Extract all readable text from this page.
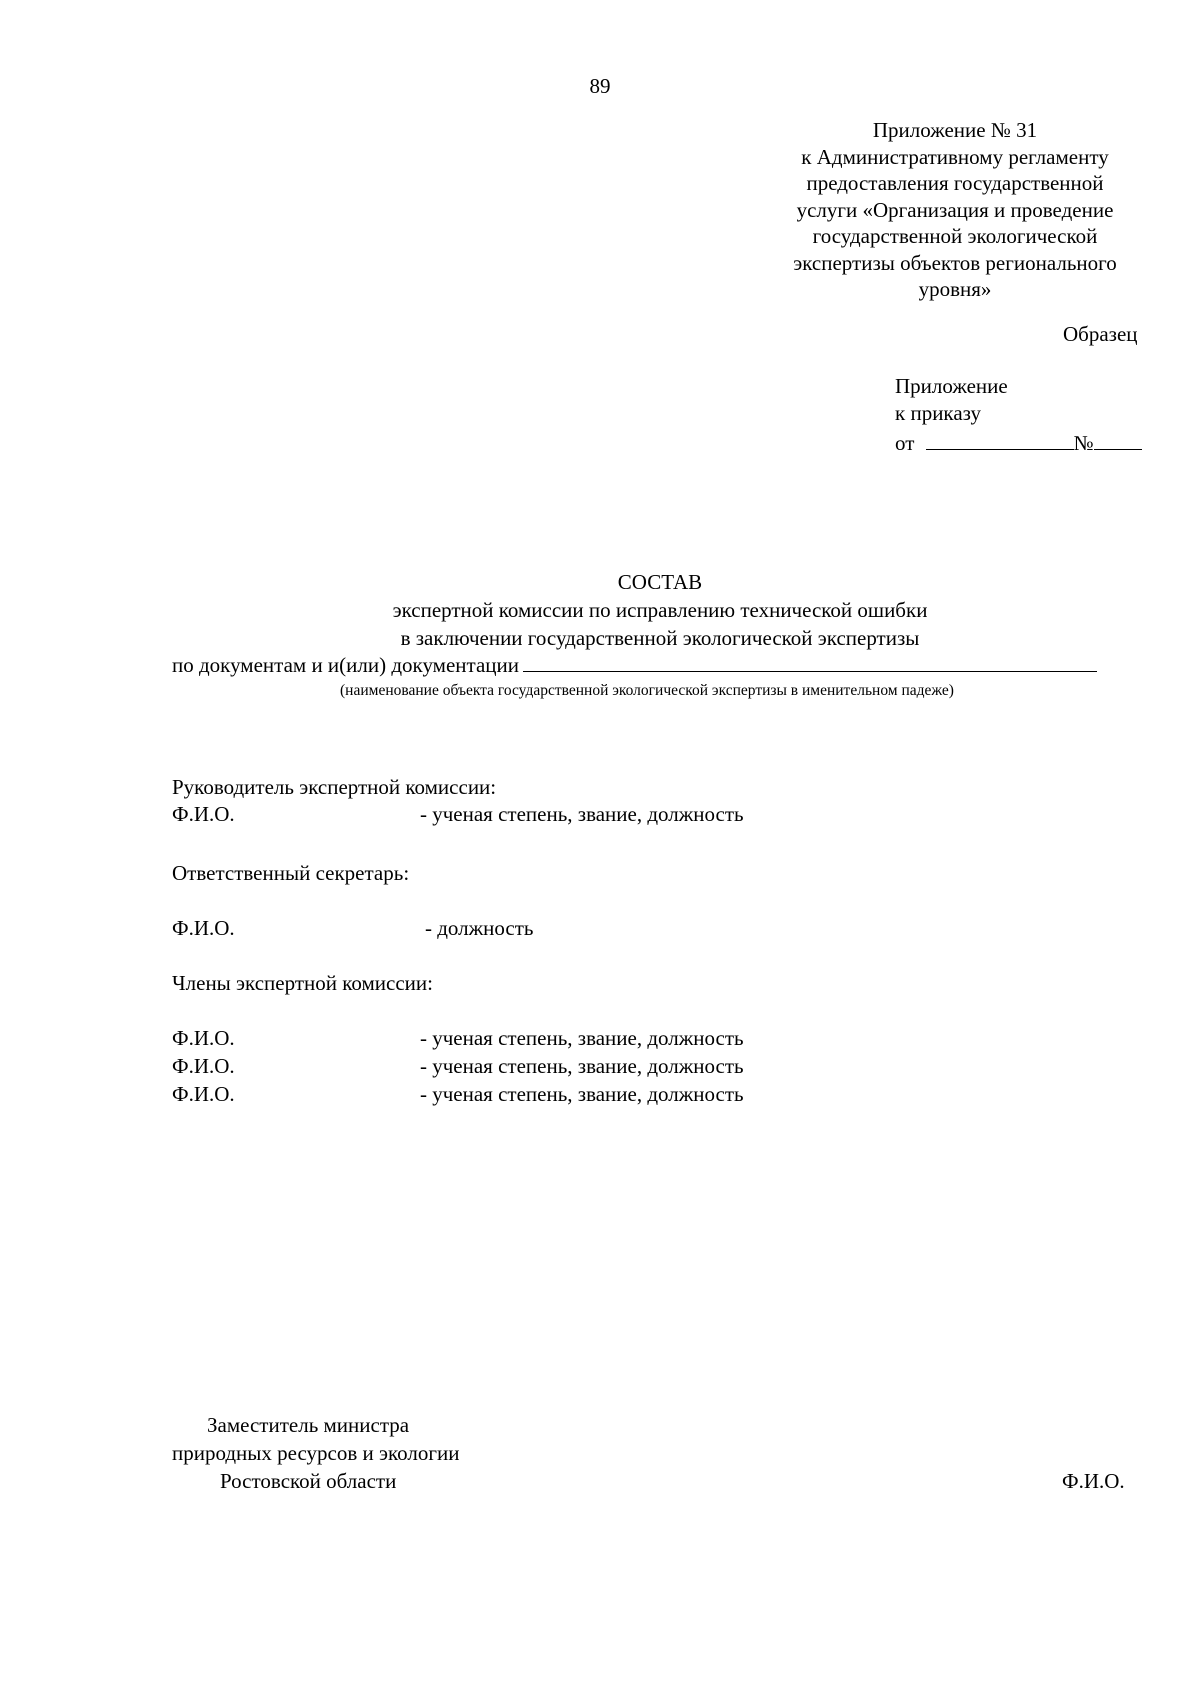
89
Приложение № 31
к Административному регламенту
предоставления государственной
услуги «Организация и проведение
государственной экологической
экспертизы объектов регионального
уровня»
Образец
Приложение
к приказу
от	№
СОСТАВ
экспертной комиссии по исправлению технической ошибки
в заключении государственной экологической экспертизы
по документам и и(или) документации
(наименование объекта государственной экологической экспертизы в именительном падеже)
Руководитель экспертной комиссии:
Ф.И.О.	- ученая степень, звание, должность
Ответственный секретарь:
Ф.И.О.	- должность
Члены экспертной комиссии:
Ф.И.О.	- ученая степень, звание, должность
Ф.И.О.	- ученая степень, звание, должность
Ф.И.О.	- ученая степень, звание, должность
Заместитель министра
природных ресурсов и экологии
Ростовской области	Ф.И.О.
